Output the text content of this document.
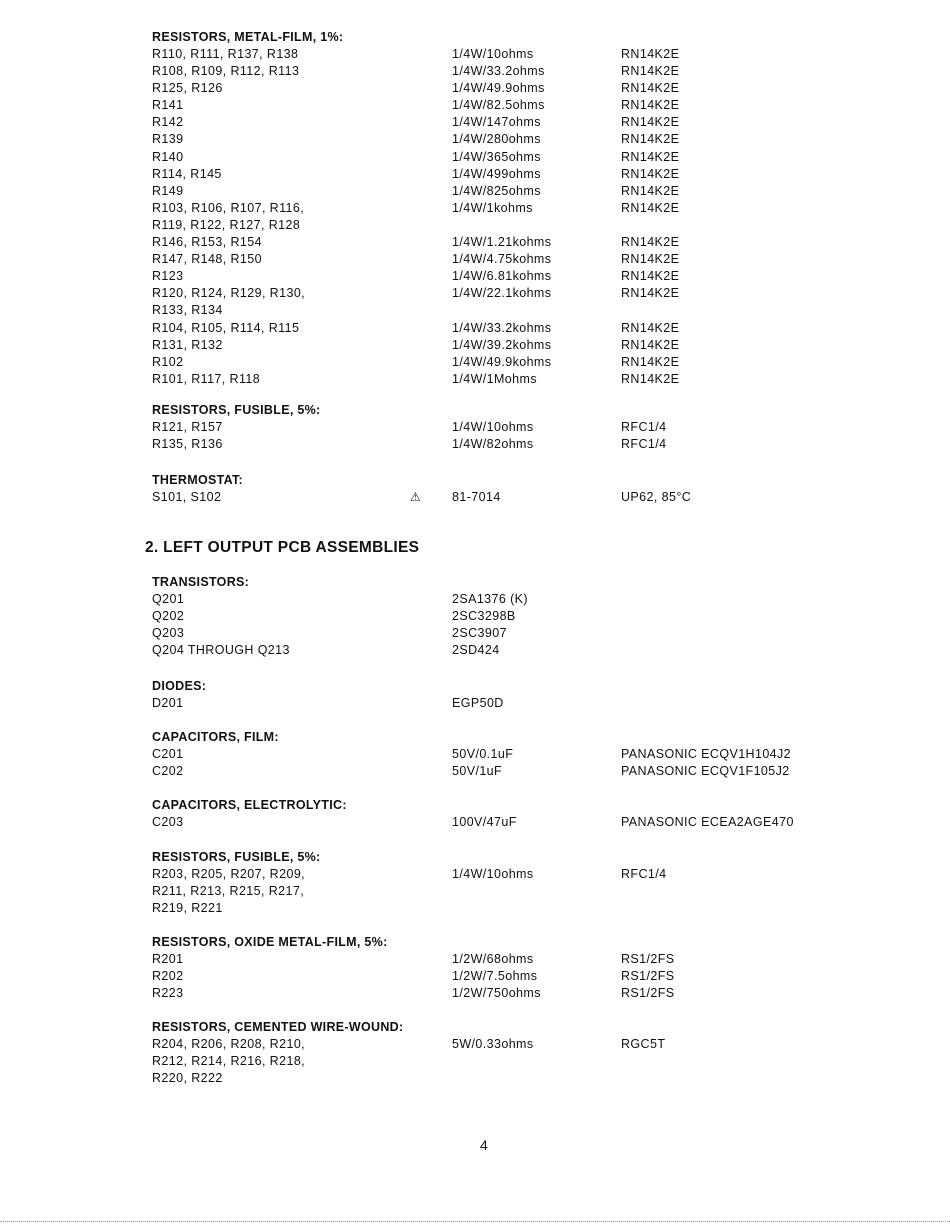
RESISTORS, METAL-FILM, 1%:
R110, R111, R137, R138	1/4W/10ohms	RN14K2E
R108, R109, R112, R113	1/4W/33.2ohms	RN14K2E
R125, R126	1/4W/49.9ohms	RN14K2E
R141	1/4W/82.5ohms	RN14K2E
R142	1/4W/147ohms	RN14K2E
R139	1/4W/280ohms	RN14K2E
R140	1/4W/365ohms	RN14K2E
R114, R145	1/4W/499ohms	RN14K2E
R149	1/4W/825ohms	RN14K2E
R103, R106, R107, R116,	1/4W/1kohms	RN14K2E
R119, R122, R127, R128
R146, R153, R154	1/4W/1.21kohms	RN14K2E
R147, R148, R150	1/4W/4.75kohms	RN14K2E
R123	1/4W/6.81kohms	RN14K2E
R120, R124, R129, R130,	1/4W/22.1kohms	RN14K2E
R133, R134
R104, R105, R114, R115	1/4W/33.2kohms	RN14K2E
R131, R132	1/4W/39.2kohms	RN14K2E
R102	1/4W/49.9kohms	RN14K2E
R101, R117, R118	1/4W/1Mohms	RN14K2E
RESISTORS, FUSIBLE, 5%:
R121, R157	1/4W/10ohms	RFC1/4
R135, R136	1/4W/82ohms	RFC1/4
THERMOSTAT:
S101, S102	⚠ 81-7014	UP62, 85°C
2. LEFT OUTPUT PCB ASSEMBLIES
TRANSISTORS:
Q201	2SA1376 (K)
Q202	2SC3298B
Q203	2SC3907
Q204 THROUGH Q213	2SD424
DIODES:
D201	EGP50D
CAPACITORS, FILM:
C201	50V/0.1uF	PANASONIC ECQV1H104J2
C202	50V/1uF	PANASONIC ECQV1F105J2
CAPACITORS, ELECTROLYTIC:
C203	100V/47uF	PANASONIC ECEA2AGE470
RESISTORS, FUSIBLE, 5%:
R203, R205, R207, R209,	1/4W/10ohms	RFC1/4
R211, R213, R215, R217,
R219, R221
RESISTORS, OXIDE METAL-FILM, 5%:
R201	1/2W/68ohms	RS1/2FS
R202	1/2W/7.5ohms	RS1/2FS
R223	1/2W/750ohms	RS1/2FS
RESISTORS, CEMENTED WIRE-WOUND:
R204, R206, R208, R210,	5W/0.33ohms	RGC5T
R212, R214, R216, R218,
R220, R222
4
